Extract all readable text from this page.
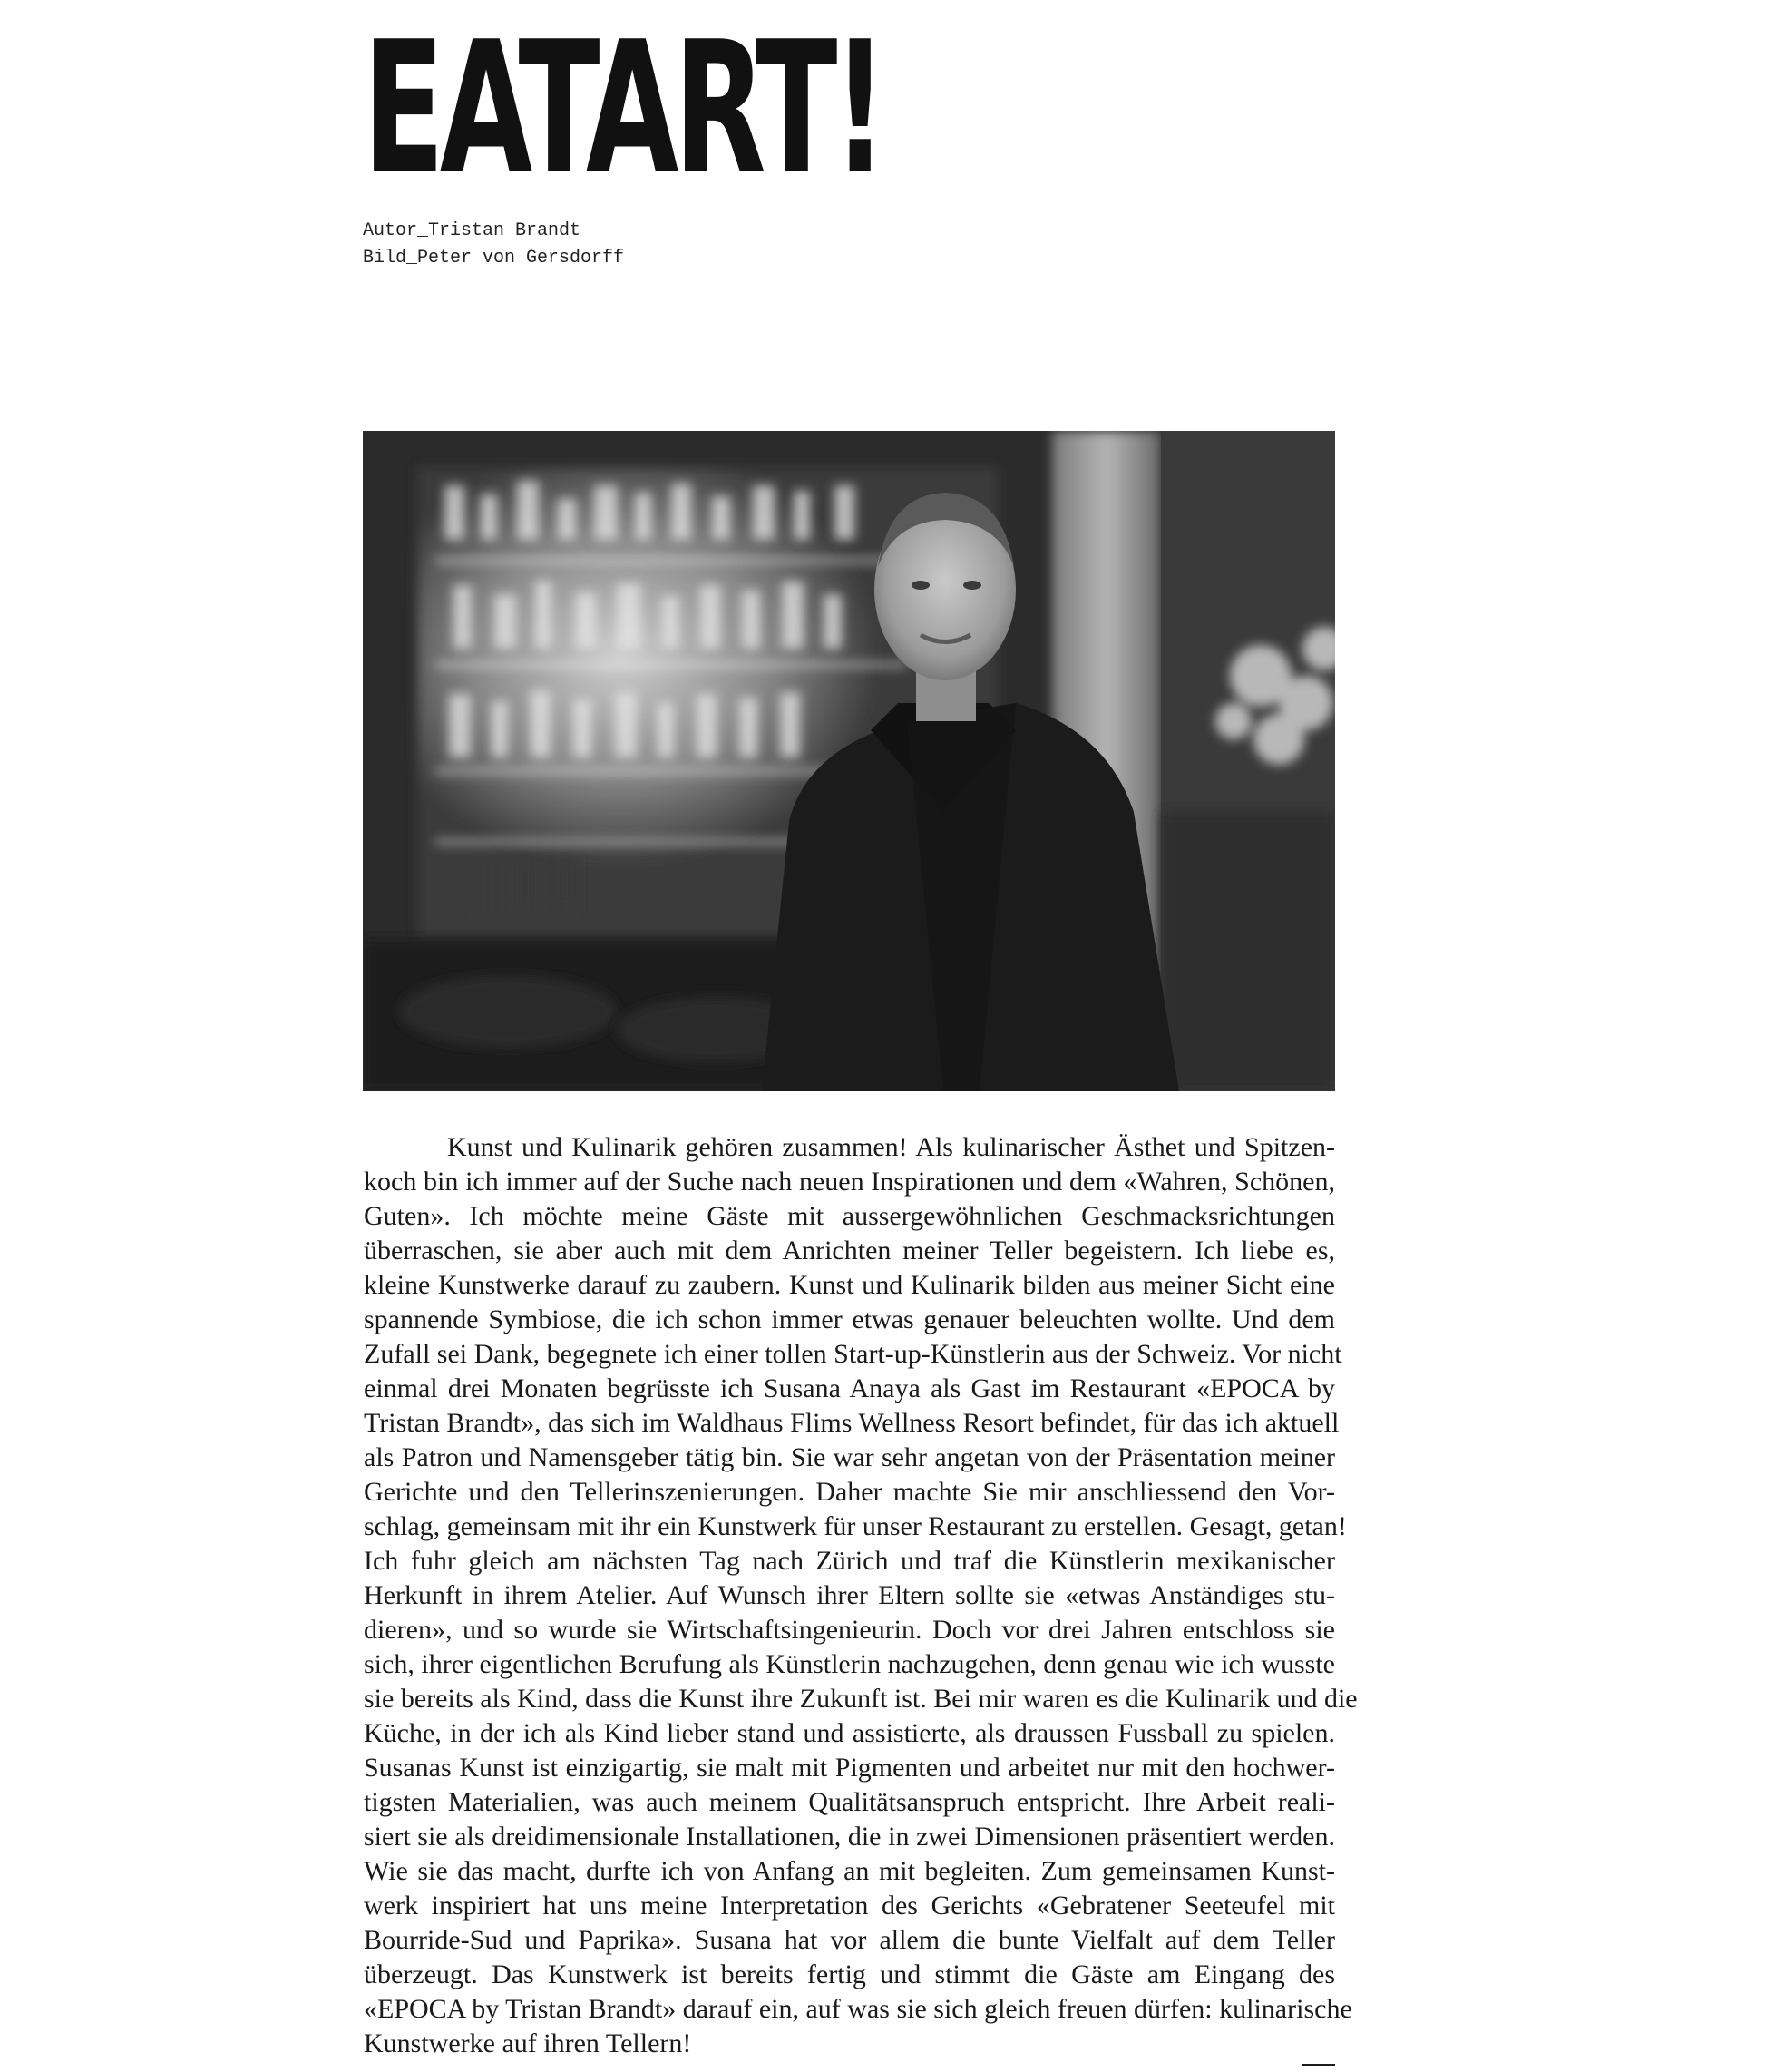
EATART!
Autor_Tristan Brandt
Bild_Peter von Gersdorff
Kunst und Kulinarik gehören zusammen! Als kulinarischer Ästhet und Spitzen-
koch bin ich immer auf der Suche nach neuen Inspirationen und dem «Wahren, Schönen,
Guten». Ich möchte meine Gäste mit aussergewöhnlichen Geschmacksrichtungen
überraschen, sie aber auch mit dem Anrichten meiner Teller begeistern. Ich liebe es,
kleine Kunstwerke darauf zu zaubern. Kunst und Kulinarik bilden aus meiner Sicht eine
spannende Symbiose, die ich schon immer etwas genauer beleuchten wollte. Und dem
Zufall sei Dank, begegnete ich einer tollen Start-up-Künstlerin aus der Schweiz. Vor nicht
einmal drei Monaten begrüsste ich Susana Anaya als Gast im Restaurant «EPOCA by
Tristan Brandt», das sich im Waldhaus Flims Wellness Resort befindet, für das ich aktuell
als Patron und Namensgeber tätig bin. Sie war sehr angetan von der Präsentation meiner
Gerichte und den Tellerinszenierungen. Daher machte Sie mir anschliessend den Vor-
schlag, gemeinsam mit ihr ein Kunstwerk für unser Restaurant zu erstellen. Gesagt, getan!
Ich fuhr gleich am nächsten Tag nach Zürich und traf die Künstlerin mexikanischer
Herkunft in ihrem Atelier. Auf Wunsch ihrer Eltern sollte sie «etwas Anständiges stu-
dieren», und so wurde sie Wirtschaftsingenieurin. Doch vor drei Jahren entschloss sie
sich, ihrer eigentlichen Berufung als Künstlerin nachzugehen, denn genau wie ich wusste
sie bereits als Kind, dass die Kunst ihre Zukunft ist. Bei mir waren es die Kulinarik und die
Küche, in der ich als Kind lieber stand und assistierte, als draussen Fussball zu spielen.
Susanas Kunst ist einzigartig, sie malt mit Pigmenten und arbeitet nur mit den hochwer-
tigsten Materialien, was auch meinem Qualitätsanspruch entspricht. Ihre Arbeit reali-
siert sie als dreidimensionale Installationen, die in zwei Dimensionen präsentiert werden.
Wie sie das macht, durfte ich von Anfang an mit begleiten. Zum gemeinsamen Kunst-
werk inspiriert hat uns meine Interpretation des Gerichts «Gebratener Seeteufel mit
Bourride-Sud und Paprika». Susana hat vor allem die bunte Vielfalt auf dem Teller
überzeugt. Das Kunstwerk ist bereits fertig und stimmt die Gäste am Eingang des
«EPOCA by Tristan Brandt» darauf ein, auf was sie sich gleich freuen dürfen: kulinarische
Kunstwerke auf ihren Tellern!
